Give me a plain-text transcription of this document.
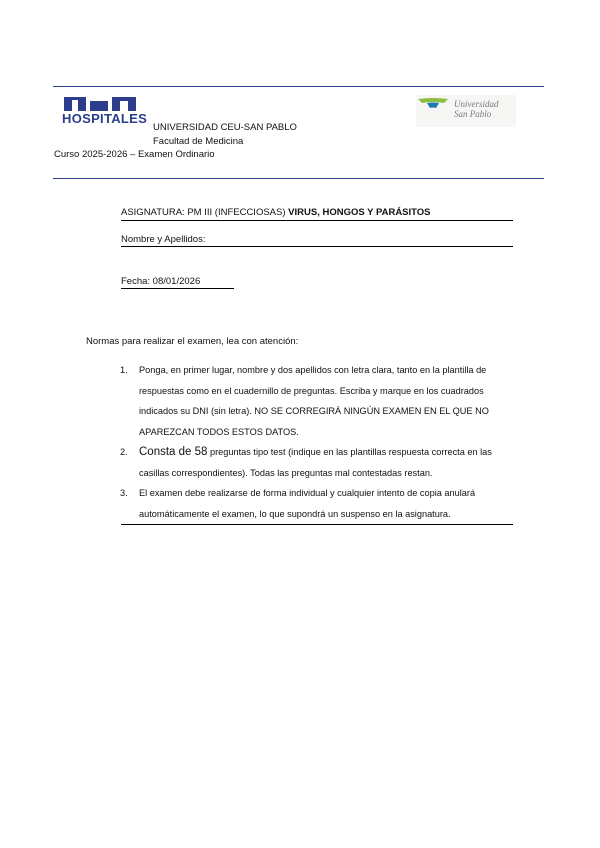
HOSPITALES
UNIVERSIDAD CEU-SAN PABLO
Facultad de Medicina
Curso 2025-2026 – Examen Ordinario
Universidad
San Pablo
ASIGNATURA: PM III (INFECCIOSAS) VIRUS, HONGOS Y PARÁSITOS
Nombre y Apellidos:
Fecha: 08/01/2026
Normas para realizar el examen, lea con atención:
1. Ponga, en primer lugar, nombre y dos apellidos con letra clara, tanto en la plantilla de respuestas como en el cuadernillo de preguntas. Escriba y marque en los cuadrados indicados su DNI (sin letra). NO SE CORREGIRÁ NINGÚN EXAMEN EN EL QUE NO APAREZCAN TODOS ESTOS DATOS.
2. Consta de 58 preguntas tipo test (indique en las plantillas respuesta correcta en las casillas correspondientes). Todas las preguntas mal contestadas restan.
3. El examen debe realizarse de forma individual y cualquier intento de copia anulará automáticamente el examen, lo que supondrá un suspenso en la asignatura.
